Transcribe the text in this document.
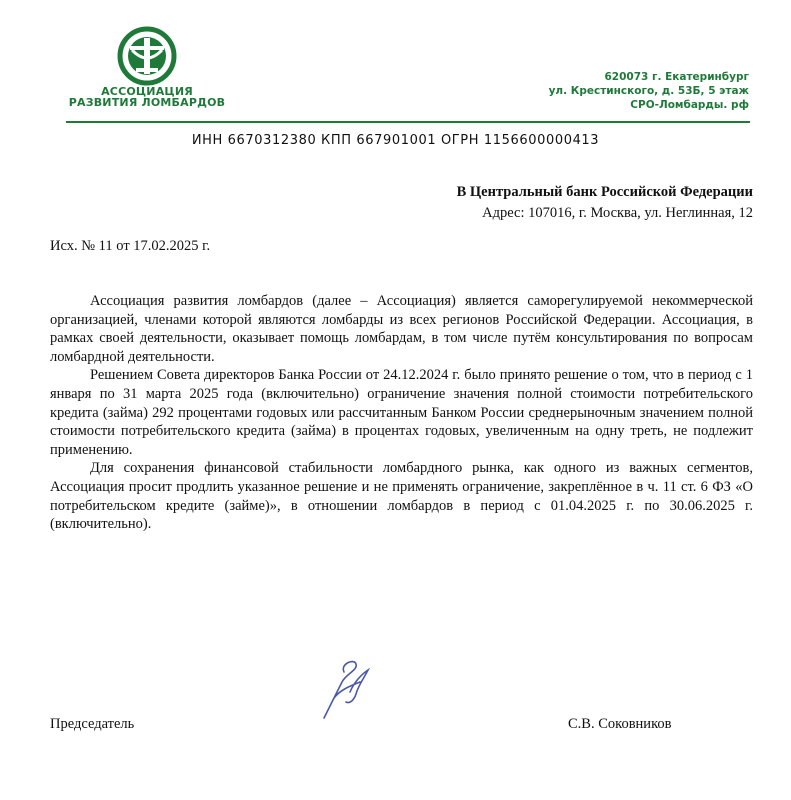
АССОЦИАЦИЯ
РАЗВИТИЯ ЛОМБАРДОВ
620073 г. Екатеринбург
ул. Крестинского, д. 53Б, 5 этаж
СРО-Ломбарды. рф
ИНН 6670312380 КПП 667901001 ОГРН 1156600000413
В Центральный банк Российской Федерации
Адрес: 107016, г. Москва, ул. Неглинная, 12
Исх. № 11 от 17.02.2025 г.

Ассоциация развития ломбардов (далее – Ассоциация) является саморегулируемой некоммерческой организацией, членами которой являются ломбарды из всех регионов Российской Федерации. Ассоциация, в рамках своей деятельности, оказывает помощь ломбардам, в том числе путём консультирования по вопросам ломбардной деятельности.

Решением Совета директоров Банка России от 24.12.2024 г. было принято решение о том, что в период с 1 января по 31 марта 2025 года (включительно) ограничение значения полной стоимости потребительского кредита (займа) 292 процентами годовых или рассчитанным Банком России среднерыночным значением полной стоимости потребительского кредита (займа) в процентах годовых, увеличенным на одну треть, не подлежит применению.

Для сохранения финансовой стабильности ломбардного рынка, как одного из важных сегментов, Ассоциация просит продлить указанное решение и не применять ограничение, закреплённое в ч. 11 ст. 6 ФЗ «О потребительском кредите (займе)», в отношении ломбардов в период с 01.04.2025 г. по 30.06.2025 г. (включительно).

Председатель	С.В. Соковников
